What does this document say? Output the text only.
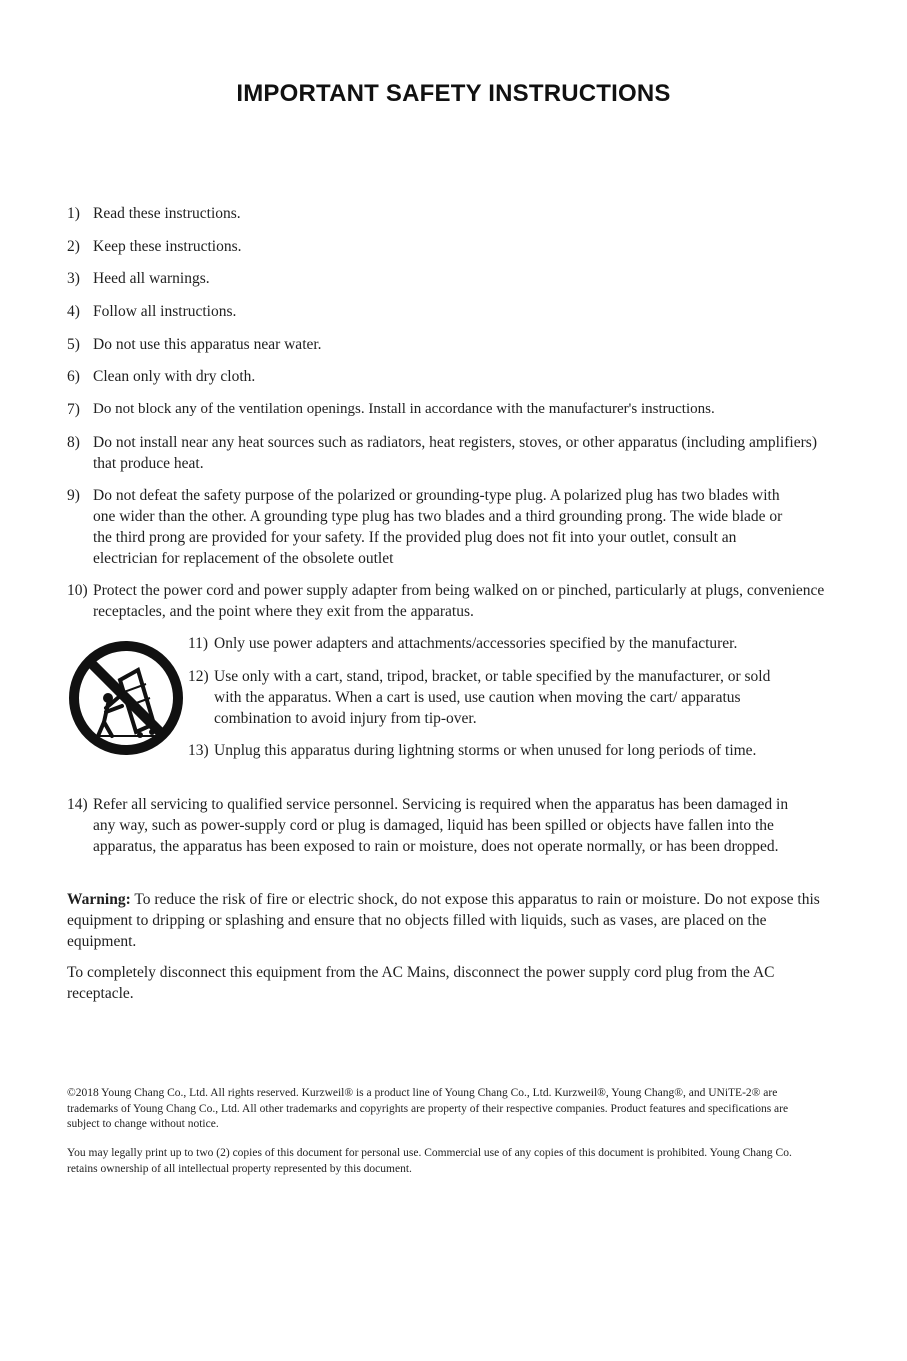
IMPORTANT SAFETY INSTRUCTIONS
1) Read these instructions.
2) Keep these instructions.
3) Heed all warnings.
4) Follow all instructions.
5) Do not use this apparatus near water.
6) Clean only with dry cloth.
7) Do not block any of the ventilation openings. Install in accordance with the manufacturer's instructions.
8) Do not install near any heat sources such as radiators, heat registers, stoves, or other apparatus (including amplifiers) that produce heat.
9) Do not defeat the safety purpose of the polarized or grounding-type plug. A polarized plug has two blades with one wider than the other. A grounding type plug has two blades and a third grounding prong. The wide blade or the third prong are provided for your safety. If the provided plug does not fit into your outlet, consult an electrician for replacement of the obsolete outlet
10) Protect the power cord and power supply adapter from being walked on or pinched, particularly at plugs, convenience receptacles, and the point where they exit from the apparatus.
11) Only use power adapters and attachments/accessories specified by the manufacturer.
12) Use only with a cart, stand, tripod, bracket, or table specified by the manufacturer, or sold with the apparatus. When a cart is used, use caution when moving the cart/ apparatus combination to avoid injury from tip-over.
13) Unplug this apparatus during lightning storms or when unused for long periods of time.
14) Refer all servicing to qualified service personnel. Servicing is required when the apparatus has been damaged in any way, such as power-supply cord or plug is damaged, liquid has been spilled or objects have fallen into the apparatus, the apparatus has been exposed to rain or moisture, does not operate normally, or has been dropped.
Warning: To reduce the risk of fire or electric shock, do not expose this apparatus to rain or moisture. Do not expose this equipment to dripping or splashing and ensure that no objects filled with liquids, such as vases, are placed on the equipment.
To completely disconnect this equipment from the AC Mains, disconnect the power supply cord plug from the AC receptacle.
©2018 Young Chang Co., Ltd. All rights reserved. Kurzweil® is a product line of Young Chang Co., Ltd. Kurzweil®, Young Chang®, and UNiTE-2® are trademarks of Young Chang Co., Ltd. All other trademarks and copyrights are property of their respective companies. Product features and specifications are subject to change without notice.
You may legally print up to two (2) copies of this document for personal use. Commercial use of any copies of this document is prohibited. Young Chang Co. retains ownership of all intellectual property represented by this document.
